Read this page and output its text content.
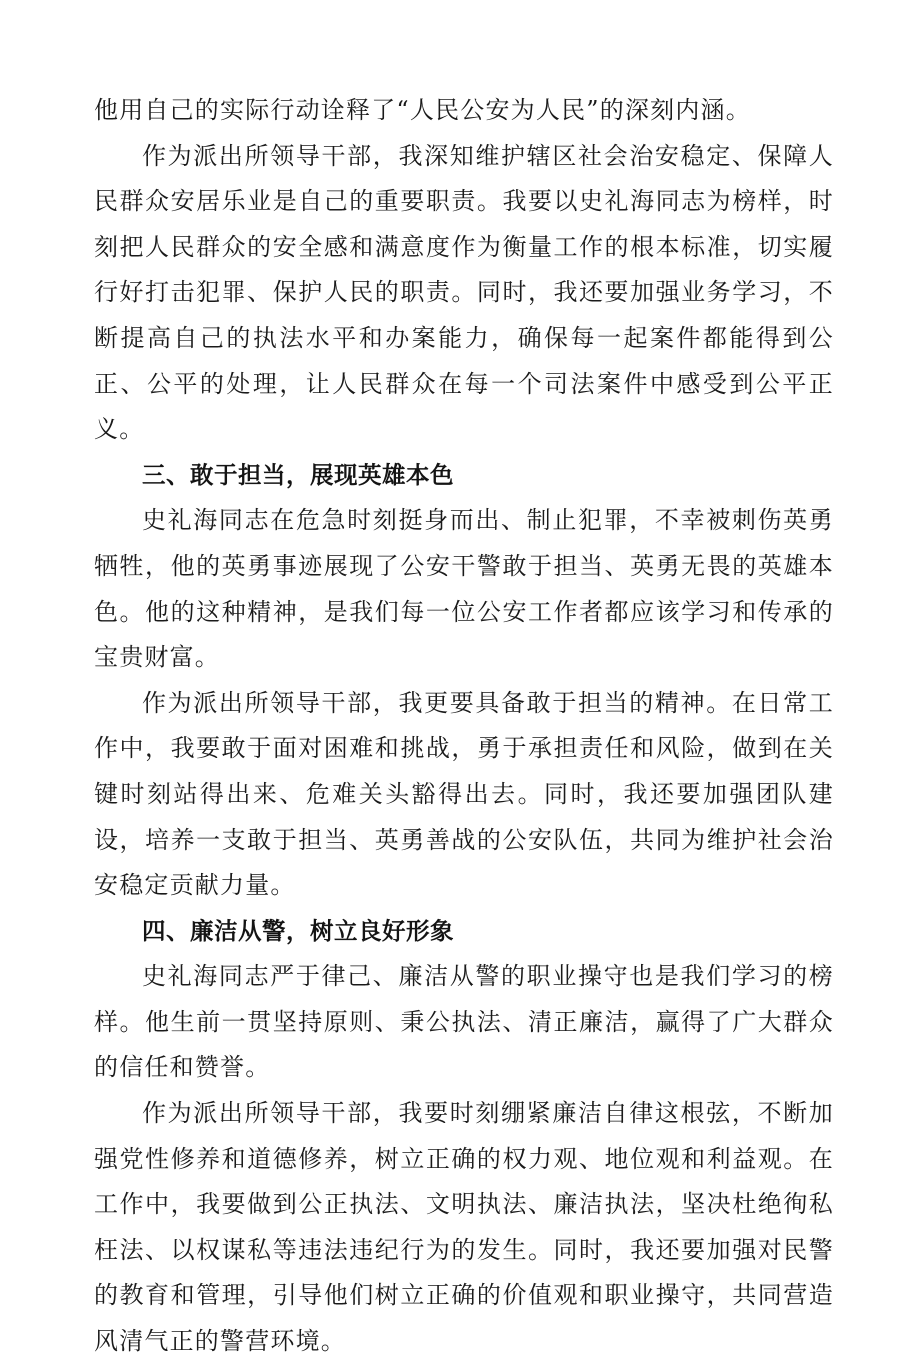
他用自己的实际行动诠释了“人民公安为人民”的深刻内涵。

作为派出所领导干部，我深知维护辖区社会治安稳定、保障人民群众安居乐业是自己的重要职责。我要以史礼海同志为榜样，时刻把人民群众的安全感和满意度作为衡量工作的根本标准，切实履行好打击犯罪、保护人民的职责。同时，我还要加强业务学习，不断提高自己的执法水平和办案能力，确保每一起案件都能得到公正、公平的处理，让人民群众在每一个司法案件中感受到公平正义。

三、敢于担当，展现英雄本色

史礼海同志在危急时刻挺身而出、制止犯罪，不幸被刺伤英勇牺牲，他的英勇事迹展现了公安干警敢于担当、英勇无畏的英雄本色。他的这种精神，是我们每一位公安工作者都应该学习和传承的宝贵财富。

作为派出所领导干部，我更要具备敢于担当的精神。在日常工作中，我要敢于面对困难和挑战，勇于承担责任和风险，做到在关键时刻站得出来、危难关头豁得出去。同时，我还要加强团队建设，培养一支敢于担当、英勇善战的公安队伍，共同为维护社会治安稳定贡献力量。

四、廉洁从警，树立良好形象

史礼海同志严于律己、廉洁从警的职业操守也是我们学习的榜样。他生前一贯坚持原则、秉公执法、清正廉洁，赢得了广大群众的信任和赞誉。

作为派出所领导干部，我要时刻绷紧廉洁自律这根弦，不断加强党性修养和道德修养，树立正确的权力观、地位观和利益观。在工作中，我要做到公正执法、文明执法、廉洁执法，坚决杜绝徇私枉法、以权谋私等违法违纪行为的发生。同时，我还要加强对民警的教育和管理，引导他们树立正确的价值观和职业操守，共同营造风清气正的警营环境。
